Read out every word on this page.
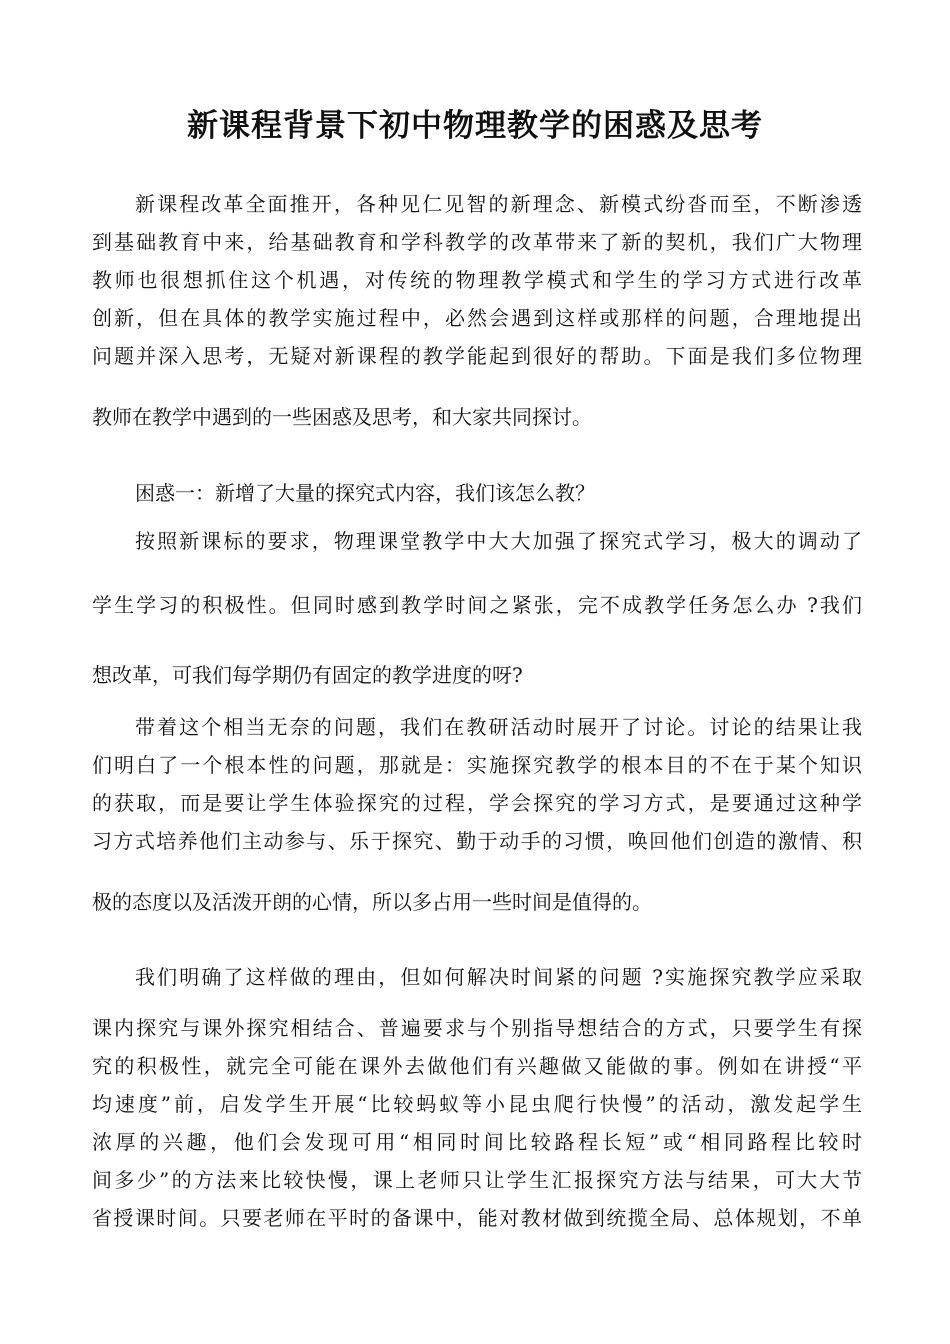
新课程背景下初中物理教学的困惑及思考
新课程改革全面推开，各种见仁见智的新理念、新模式纷沓而至，不断渗透
到基础教育中来，给基础教育和学科教学的改革带来了新的契机，我们广大物理
教师也很想抓住这个机遇，对传统的物理教学模式和学生的学习方式进行改革
创新，但在具体的教学实施过程中，必然会遇到这样或那样的问题，合理地提出
问题并深入思考，无疑对新课程的教学能起到很好的帮助。下面是我们多位物理
教师在教学中遇到的一些困惑及思考，和大家共同探讨。
困惑一：新增了大量的探究式内容，我们该怎么教？
按照新课标的要求，物理课堂教学中大大加强了探究式学习，极大的调动了
学生学习的积极性。但同时感到教学时间之紧张，完不成教学任务怎么办 ?我们
想改革，可我们每学期仍有固定的教学进度的呀?
带着这个相当无奈的问题，我们在教研活动时展开了讨论。讨论的结果让我
们明白了一个根本性的问题，那就是：实施探究教学的根本目的不在于某个知识
的获取，而是要让学生体验探究的过程，学会探究的学习方式，是要通过这种学
习方式培养他们主动参与、乐于探究、勤于动手的习惯，唤回他们创造的激情、积
极的态度以及活泼开朗的心情，所以多占用一些时间是值得的。
我们明确了这样做的理由，但如何解决时间紧的问题 ?实施探究教学应采取
课内探究与课外探究相结合、普遍要求与个别指导想结合的方式，只要学生有探
究的积极性，就完全可能在课外去做他们有兴趣做又能做的事。例如在讲授“平
均速度”前，启发学生开展“比较蚂蚁等小昆虫爬行快慢”的活动，激发起学生
浓厚的兴趣，他们会发现可用“相同时间比较路程长短”或“相同路程比较时
间多少”的方法来比较快慢，课上老师只让学生汇报探究方法与结果，可大大节
省授课时间。只要老师在平时的备课中，能对教材做到统揽全局、总体规划，不单
